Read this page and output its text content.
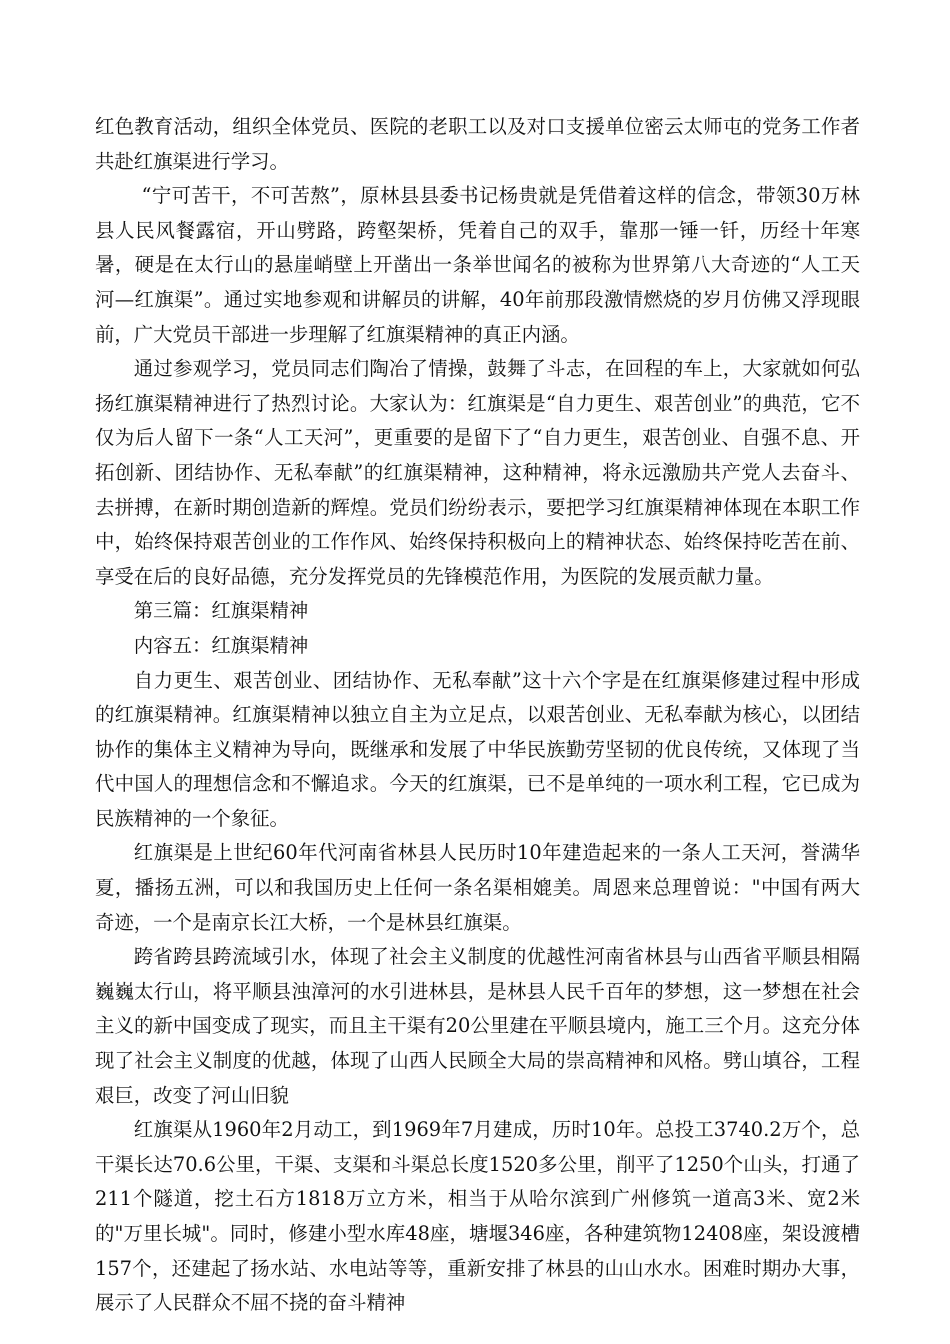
红色教育活动，组织全体党员、医院的老职工以及对口支援单位密云太师屯的党务工作者共赴红旗渠进行学习。

“宁可苦干，不可苦熬”，原林县县委书记杨贵就是凭借着这样的信念，带领30万林县人民风餐露宿，开山劈路，跨壑架桥，凭着自己的双手，靠那一锤一钎，历经十年寒暑，硬是在太行山的悬崖峭壁上开凿出一条举世闻名的被称为世界第八大奇迹的“人工天河—红旗渠”。通过实地参观和讲解员的讲解，40年前那段激情燃烧的岁月仿佛又浮现眼前，广大党员干部进一步理解了红旗渠精神的真正内涵。

通过参观学习，党员同志们陶冶了情操，鼓舞了斗志，在回程的车上，大家就如何弘扬红旗渠精神进行了热烈讨论。大家认为：红旗渠是“自力更生、艰苦创业”的典范，它不仅为后人留下一条“人工天河”，更重要的是留下了“自力更生，艰苦创业、自强不息、开拓创新、团结协作、无私奉献”的红旗渠精神，这种精神，将永远激励共产党人去奋斗、去拼搏，在新时期创造新的辉煌。党员们纷纷表示，要把学习红旗渠精神体现在本职工作中，始终保持艰苦创业的工作作风、始终保持积极向上的精神状态、始终保持吃苦在前、享受在后的良好品德，充分发挥党员的先锋模范作用，为医院的发展贡献力量。

第三篇：红旗渠精神

内容五：红旗渠精神

自力更生、艰苦创业、团结协作、无私奉献”这十六个字是在红旗渠修建过程中形成的红旗渠精神。红旗渠精神以独立自主为立足点，以艰苦创业、无私奉献为核心，以团结协作的集体主义精神为导向，既继承和发展了中华民族勤劳坚韧的优良传统，又体现了当代中国人的理想信念和不懈追求。今天的红旗渠，已不是单纯的一项水利工程，它已成为民族精神的一个象征。

红旗渠是上世纪60年代河南省林县人民历时10年建造起来的一条人工天河，誉满华夏，播扬五洲，可以和我国历史上任何一条名渠相媲美。周恩来总理曾说："中国有两大奇迹，一个是南京长江大桥，一个是林县红旗渠。

跨省跨县跨流域引水，体现了社会主义制度的优越性河南省林县与山西省平顺县相隔巍巍太行山，将平顺县浊漳河的水引进林县，是林县人民千百年的梦想，这一梦想在社会主义的新中国变成了现实，而且主干渠有20公里建在平顺县境内，施工三个月。这充分体现了社会主义制度的优越，体现了山西人民顾全大局的崇高精神和风格。劈山填谷，工程艰巨，改变了河山旧貌

红旗渠从1960年2月动工，到1969年7月建成，历时10年。总投工3740.2万个，总干渠长达70.6公里，干渠、支渠和斗渠总长度1520多公里，削平了1250个山头，打通了211个隧道，挖土石方1818万立方米，相当于从哈尔滨到广州修筑一道高3米、宽2米的"万里长城"。同时，修建小型水库48座，塘堰346座，各种建筑物12408座，架设渡槽157个，还建起了扬水站、水电站等等，重新安排了林县的山山水水。困难时期办大事，展示了人民群众不屈不挠的奋斗精神
